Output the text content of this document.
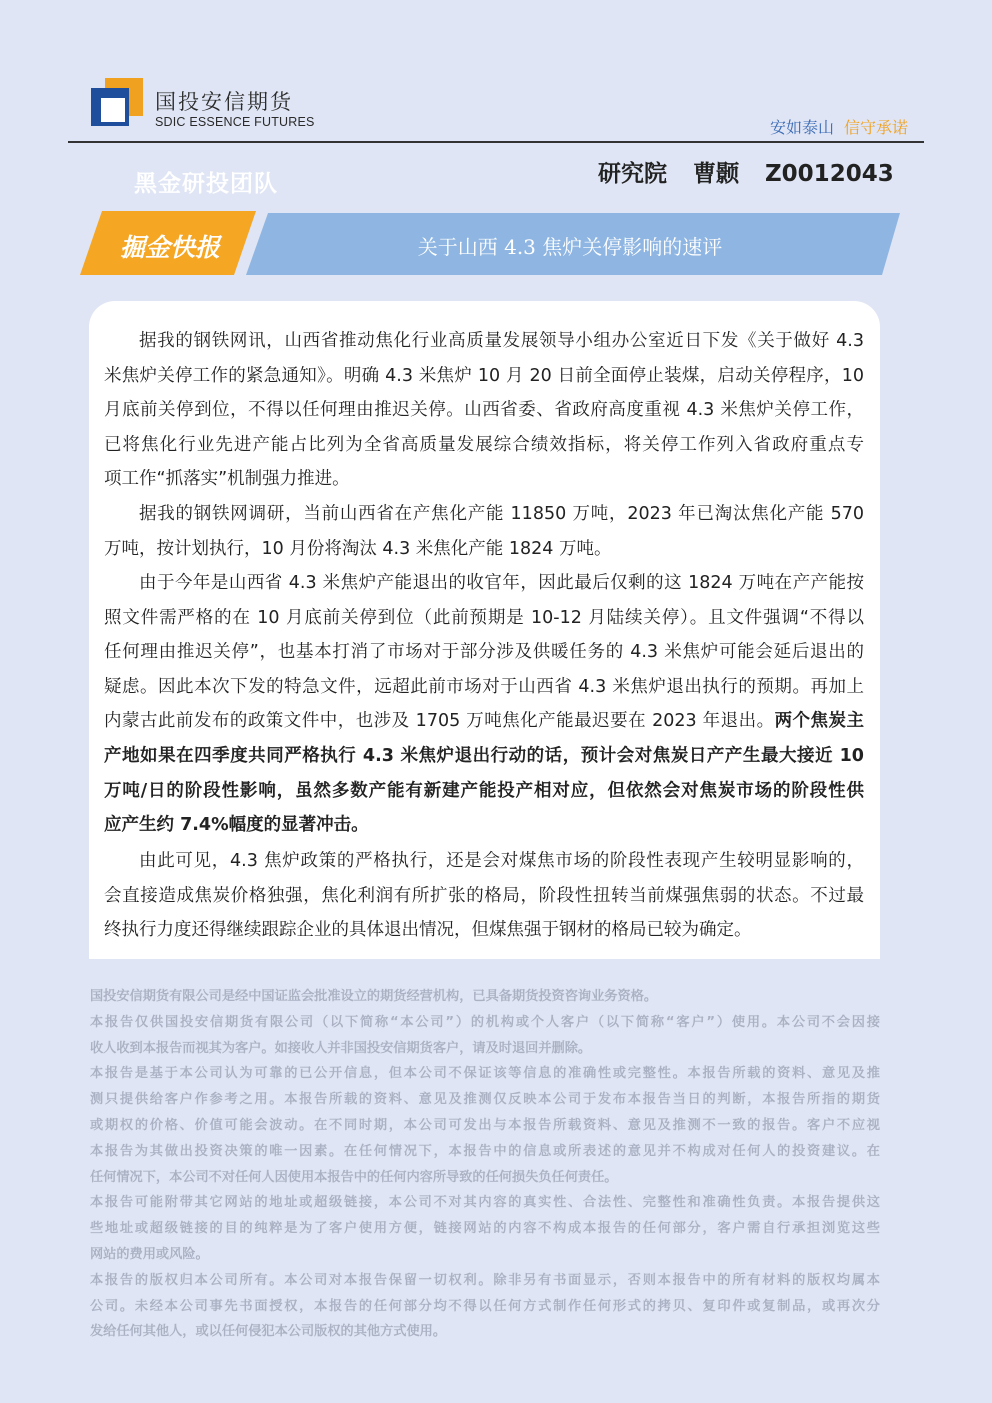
国投安信期货
SDIC ESSENCE FUTURES	安如泰山 信守承诺
黑金研投团队	研究院 曹颢 Z0012043
掘金快报	关于山西 4.3 焦炉关停影响的速评
据我的钢铁网讯，山西省推动焦化行业高质量发展领导小组办公室近日下发《关于做好 4.3
米焦炉关停工作的紧急通知》。明确 4.3 米焦炉 10 月 20 日前全面停止装煤，启动关停程序，10
月底前关停到位，不得以任何理由推迟关停。山西省委、省政府高度重视 4.3 米焦炉关停工作，
已将焦化行业先进产能占比列为全省高质量发展综合绩效指标，将关停工作列入省政府重点专
项工作“抓落实”机制强力推进。
据我的钢铁网调研，当前山西省在产焦化产能 11850 万吨，2023 年已淘汰焦化产能 570
万吨，按计划执行，10 月份将淘汰 4.3 米焦化产能 1824 万吨。
由于今年是山西省 4.3 米焦炉产能退出的收官年，因此最后仅剩的这 1824 万吨在产产能按
照文件需严格的在 10 月底前关停到位（此前预期是 10-12 月陆续关停）。且文件强调“不得以
任何理由推迟关停”，也基本打消了市场对于部分涉及供暖任务的 4.3 米焦炉可能会延后退出的
疑虑。因此本次下发的特急文件，远超此前市场对于山西省 4.3 米焦炉退出执行的预期。再加上
内蒙古此前发布的政策文件中，也涉及 1705 万吨焦化产能最迟要在 2023 年退出。两个焦炭主
产地如果在四季度共同严格执行 4.3 米焦炉退出行动的话，预计会对焦炭日产产生最大接近 10
万吨/日的阶段性影响，虽然多数产能有新建产能投产相对应，但依然会对焦炭市场的阶段性供
应产生约 7.4%幅度的显著冲击。
由此可见，4.3 焦炉政策的严格执行，还是会对煤焦市场的阶段性表现产生较明显影响的，
会直接造成焦炭价格独强，焦化利润有所扩张的格局，阶段性扭转当前煤强焦弱的状态。不过最
终执行力度还得继续跟踪企业的具体退出情况，但煤焦强于钢材的格局已较为确定。
国投安信期货有限公司是经中国证监会批准设立的期货经营机构，已具备期货投资咨询业务资格。
本报告仅供国投安信期货有限公司（以下简称“本公司”）的机构或个人客户（以下简称“客户”）使用。本公司不会因接
收人收到本报告而视其为客户。如接收人并非国投安信期货客户，请及时退回并删除。
本报告是基于本公司认为可靠的已公开信息，但本公司不保证该等信息的准确性或完整性。本报告所载的资料、意见及推
测只提供给客户作参考之用。本报告所载的资料、意见及推测仅反映本公司于发布本报告当日的判断，本报告所指的期货
或期权的价格、价值可能会波动。在不同时期，本公司可发出与本报告所载资料、意见及推测不一致的报告。客户不应视
本报告为其做出投资决策的唯一因素。在任何情况下，本报告中的信息或所表述的意见并不构成对任何人的投资建议。在
任何情况下，本公司不对任何人因使用本报告中的任何内容所导致的任何损失负任何责任。
本报告可能附带其它网站的地址或超级链接，本公司不对其内容的真实性、合法性、完整性和准确性负责。本报告提供这
些地址或超级链接的目的纯粹是为了客户使用方便，链接网站的内容不构成本报告的任何部分，客户需自行承担浏览这些
网站的费用或风险。
本报告的版权归本公司所有。本公司对本报告保留一切权利。除非另有书面显示，否则本报告中的所有材料的版权均属本
公司。未经本公司事先书面授权，本报告的任何部分均不得以任何方式制作任何形式的拷贝、复印件或复制品，或再次分
发给任何其他人，或以任何侵犯本公司版权的其他方式使用。
